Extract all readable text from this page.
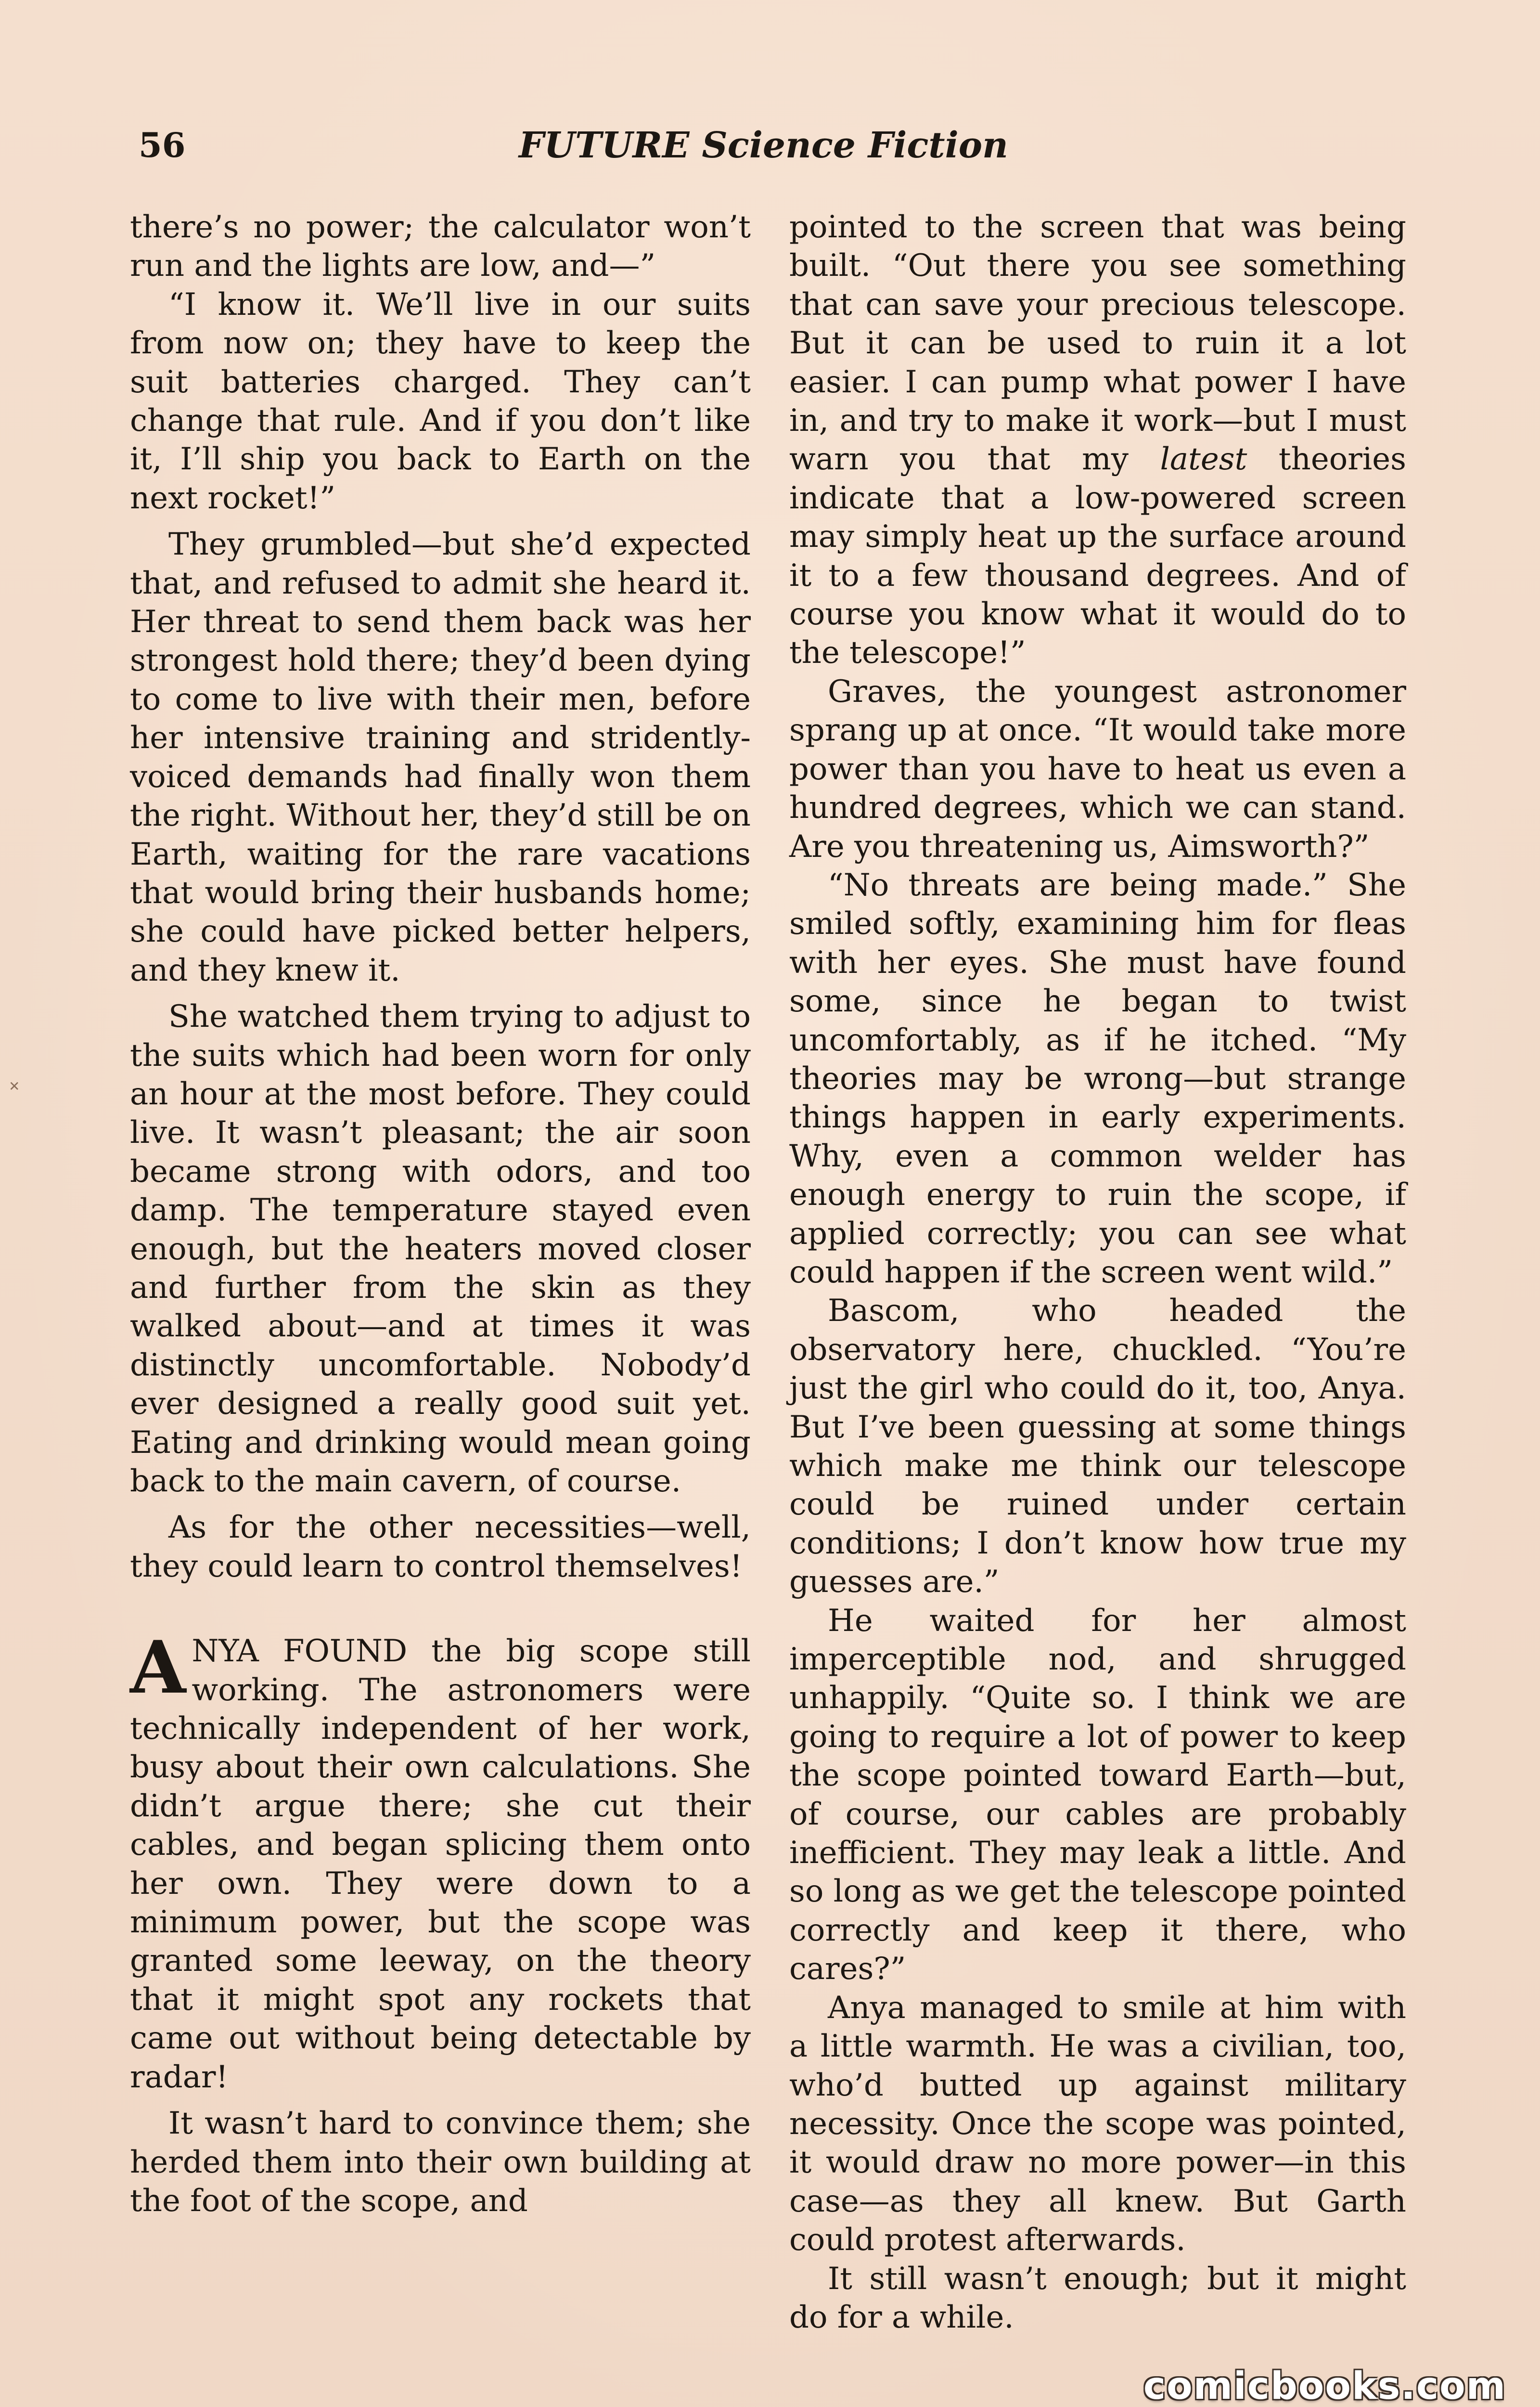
56	FUTURE Science Fiction
✕

there’s no power; the calculator won’t run and the lights are low, and—”

“I know it. We’ll live in our suits from now on; they have to keep the suit batteries charged. They can’t change that rule. And if you don’t like it, I’ll ship you back to Earth on the next rocket!”

They grumbled—but she’d expected that, and refused to admit she heard it. Her threat to send them back was her strongest hold there; they’d been dying to come to live with their men, before her intensive training and stridently-voiced demands had finally won them the right. Without her, they’d still be on Earth, waiting for the rare vacations that would bring their husbands home; she could have picked better helpers, and they knew it.

She watched them trying to adjust to the suits which had been worn for only an hour at the most before. They could live. It wasn’t pleasant; the air soon became strong with odors, and too damp. The temperature stayed even enough, but the heaters moved closer and further from the skin as they walked about—and at times it was distinctly uncomfortable. Nobody’d ever designed a really good suit yet. Eating and drinking would mean going back to the main cavern, of course.

As for the other necessities—well, they could learn to control themselves!

ANYA FOUND the big scope still working. The astronomers were technically independent of her work, busy about their own calculations. She didn’t argue there; she cut their cables, and began splicing them onto her own. They were down to a minimum power, but the scope was granted some leeway, on the theory that it might spot any rockets that came out without being detectable by radar!

It wasn’t hard to convince them; she herded them into their own building at the foot of the scope, and

pointed to the screen that was being built. “Out there you see something that can save your precious telescope. But it can be used to ruin it a lot easier. I can pump what power I have in, and try to make it work—but I must warn you that my latest theories indicate that a low-powered screen may simply heat up the surface around it to a few thousand degrees. And of course you know what it would do to the telescope!”

Graves, the youngest astronomer sprang up at once. “It would take more power than you have to heat us even a hundred degrees, which we can stand. Are you threatening us, Aimsworth?”

“No threats are being made.” She smiled softly, examining him for fleas with her eyes. She must have found some, since he began to twist uncomfortably, as if he itched. “My theories may be wrong—but strange things happen in early experiments. Why, even a common welder has enough energy to ruin the scope, if applied correctly; you can see what could happen if the screen went wild.”

Bascom, who headed the observatory here, chuckled. “You’re just the girl who could do it, too, Anya. But I’ve been guessing at some things which make me think our telescope could be ruined under certain conditions; I don’t know how true my guesses are.”

He waited for her almost imperceptible nod, and shrugged unhappily. “Quite so. I think we are going to require a lot of power to keep the scope pointed toward Earth—but, of course, our cables are probably inefficient. They may leak a little. And so long as we get the telescope pointed correctly and keep it there, who cares?”

Anya managed to smile at him with a little warmth. He was a civilian, too, who’d butted up against military necessity. Once the scope was pointed, it would draw no more power—in this case—as they all knew. But Garth could protest afterwards.

It still wasn’t enough; but it might do for a while.

comicbooks.com
